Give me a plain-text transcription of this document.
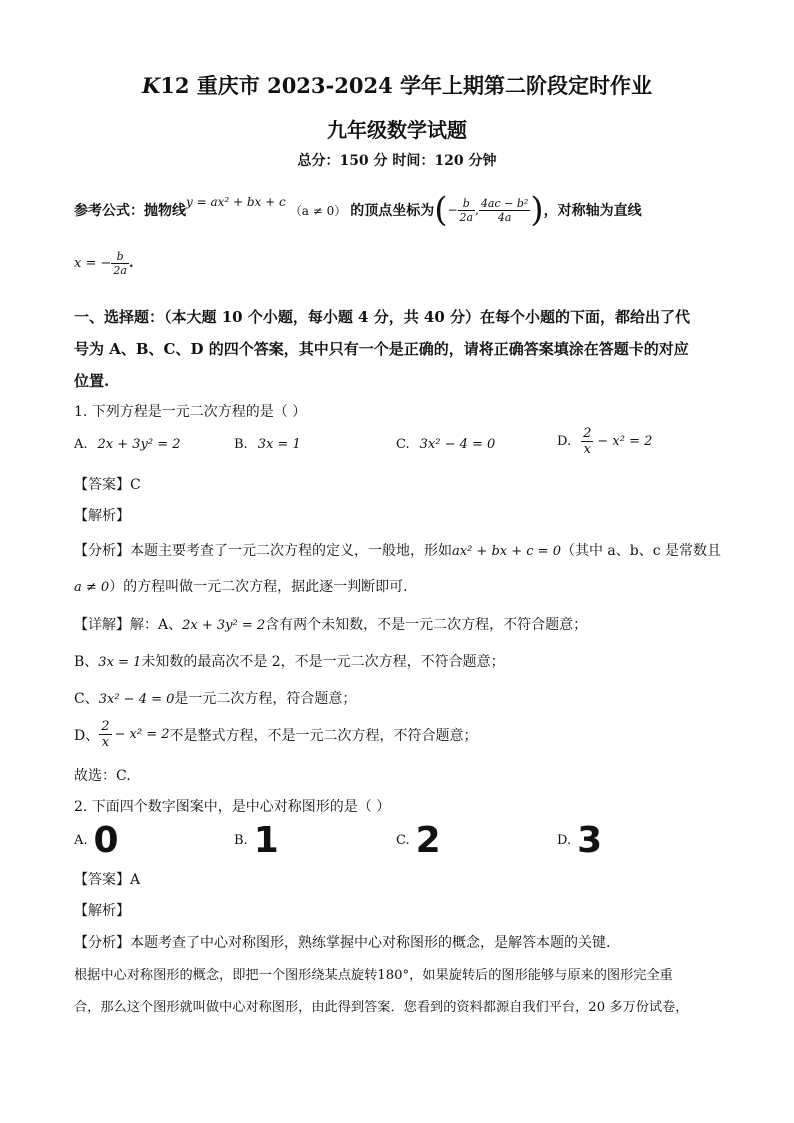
K12 重庆市 2023-2024 学年上期第二阶段定时作业
九年级数学试题
总分：150 分 时间：120 分钟
参考公式：抛物线
y = ax² + bx + c
（a ≠ 0） 的顶点坐标为 ( − $\frac{b}{2a}$ , $\frac{\text{4ac − b²}}{4a}$ ) ，对称轴为直线
x = − $\frac{b}{2a}$ .
一、选择题：（本大题 10 个小题，每小题 4 分，共 40 分）在每个小题的下面，都给出了代
号为 A、B、C、D 的四个答案，其中只有一个是正确的，请将正确答案填涂在答题卡的对应
位置.
1. 下列方程是一元二次方程的是（ ）
A. 2x + 3y² = 2	B. 3x = 1	C. 3x² − 4 = 0	D. $\frac{2}{x} - x^2 = 2$
【答案】C
【解析】
【分析】本题主要考查了一元二次方程的定义，一般地，形如ax² + bx + c = 0（其中 a、b、c 是常数且
a ≠ 0）的方程叫做一元二次方程，据此逐一判断即可.
【详解】解：A、2x + 3y² = 2含有两个未知数，不是一元二次方程，不符合题意；
B、3x = 1未知数的最高次不是 2，不是一元二次方程，不符合题意；
C、3x² − 4 = 0是一元二次方程，符合题意；
D、 $\frac{2}{x} - x^2 = 2$ 不是整式方程，不是一元二次方程，不符合题意；
故选：C.
2. 下面四个数字图案中，是中心对称图形的是（ ）
A. 0	B. 1	C. 2	D. 3
【答案】A
【解析】
【分析】本题考查了中心对称图形，熟练掌握中心对称图形的概念，是解答本题的关键.
根据中心对称图形的概念，即把一个图形绕某点旋转180°，如果旋转后的图形能够与原来的图形完全重
合，那么这个图形就叫做中心对称图形，由此得到答案．您看到的资料都源自我们平台，20 多万份试卷，
